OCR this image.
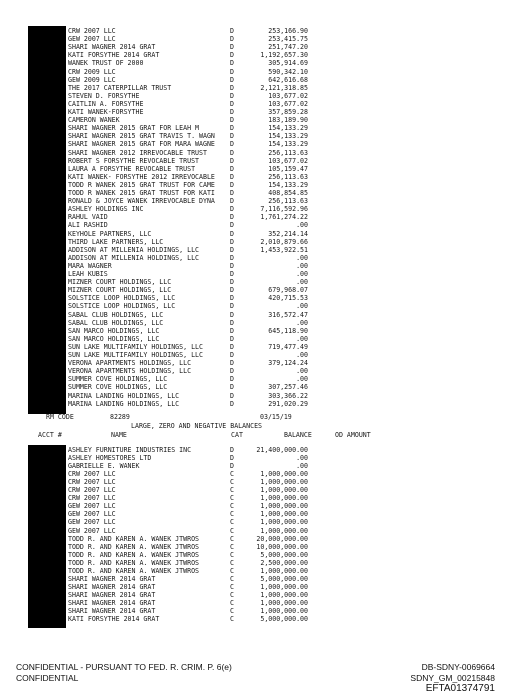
CRW 2007 LLC	D	253,166.90
GEW 2007 LLC	D	253,415.75
SHARI WAGNER 2014 GRAT	D	251,747.20
KATI FORSYTHE 2014 GRAT	D	1,192,657.30
WANEK TRUST OF 2000	D	305,914.69
CRW 2009 LLC	D	590,342.10
GEW 2009 LLC	D	642,616.68
THE 2017 CATERPILLAR TRUST	D	2,121,318.85
STEVEN D. FORSYTHE	D	103,677.02
CAITLIN A. FORSYTHE	D	103,677.02
KATI WANEK-FORSYTHE	D	357,859.28
CAMERON WANEK	D	183,189.90
SHARI WAGNER 2015 GRAT FOR LEAH M	D	154,133.29
SHARI WAGNER 2015 GRAT TRAVIS T. WAGN D	154,133.29
SHARI WAGNER 2015 GRAT FOR MARA WAGNE D	154,133.29
SHARI WAGNER 2012 IRREVOCABLE TRUST	D	256,113.63
ROBERT S FORSYTHE REVOCABLE TRUST	D	103,677.02
LAURA A FORSYTHE REVOCABLE TRUST	D	105,159.47
KATI WANEK- FORSYTHE 2012 IRREVOCABLE D	256,113.63
TODD R WANEK 2015 GRAT TRUST FOR CAME D	154,133.29
TODD R WANEK 2015 GRAT TRUST FOR KATI D	408,854.85
RONALD & JOYCE WANEK IRREVOCABLE DYNA D	256,113.63
ASHLEY HOLDINGS INC	D	7,116,592.96
RAHUL VAID	D	1,761,274.22
ALI RASHID	D	.00
KEYHOLE PARTNERS, LLC	D	352,214.14
THIRD LAKE PARTNERS, LLC	D	2,010,879.66
ADDISON AT MILLENIA HOLDINGS, LLC	D	1,453,922.51
ADDISON AT MILLENIA HOLDINGS, LLC	D	.00
MARA WAGNER	D	.00
LEAH KUBIS	D	.00
MIZNER COURT HOLDINGS, LLC	D	.00
MIZNER COURT HOLDINGS, LLC	D	679,968.07
SOLSTICE LOOP HOLDINGS, LLC	D	420,715.53
SOLSTICE LOOP HOLDINGS, LLC	D	.00
SABAL CLUB HOLDINGS, LLC	D	316,572.47
SABAL CLUB HOLDINGS, LLC	D	.00
SAN MARCO HOLDINGS, LLC	D	645,118.90
SAN MARCO HOLDINGS, LLC	D	.00
SUN LAKE MULTIFAMILY HOLDINGS, LLC	D	719,477.49
SUN LAKE MULTIFAMILY HOLDINGS, LLC	D	.00
VERONA APARTMENTS HOLDINGS, LLC	D	379,124.24
VERONA APARTMENTS HOLDINGS, LLC	D	.00
SUMMER COVE HOLDINGS, LLC	D	.00
SUMMER COVE HOLDINGS, LLC	D	307,257.46
MARINA LANDING HOLDINGS, LLC	D	303,366.22
MARINA LANDING HOLDINGS, LLC	D	291,020.29
RM CODE	82289	03/15/19
LARGE, ZERO AND NEGATIVE BALANCES
ACCT #	NAME	CAT	BALANCE	OD AMOUNT
ASHLEY FURNITURE INDUSTRIES INC	D	21,400,000.00
ASHLEY HOMESTORES LTD	D	.00
GABRIELLE E. WANEK	D	.00
CRW 2007 LLC	C	1,000,000.00
CRW 2007 LLC	C	1,000,000.00
CRW 2007 LLC	C	1,000,000.00
CRW 2007 LLC	C	1,000,000.00
GEW 2007 LLC	C	1,000,000.00
GEW 2007 LLC	C	1,000,000.00
GEW 2007 LLC	C	1,000,000.00
GEW 2007 LLC	C	1,000,000.00
TODD R. AND KAREN A. WANEK JTWROS	C	20,000,000.00
TODD R. AND KAREN A. WANEK JTWROS	C	10,000,000.00
TODD R. AND KAREN A. WANEK JTWROS	C	5,000,000.00
TODD R. AND KAREN A. WANEK JTWROS	C	2,500,000.00
TODD R. AND KAREN A. WANEK JTWROS	C	1,000,000.00
SHARI WAGNER 2014 GRAT	C	5,000,000.00
SHARI WAGNER 2014 GRAT	C	1,000,000.00
SHARI WAGNER 2014 GRAT	C	1,000,000.00
SHARI WAGNER 2014 GRAT	C	1,000,000.00
SHARI WAGNER 2014 GRAT	C	1,000,000.00
KATI FORSYTHE 2014 GRAT	C	5,000,000.00
CONFIDENTIAL - PURSUANT TO FED. R. CRIM. P. 6(e)
CONFIDENTIAL
DB-SDNY-0069664
SDNY_GM_00215848
EFTA01374791
